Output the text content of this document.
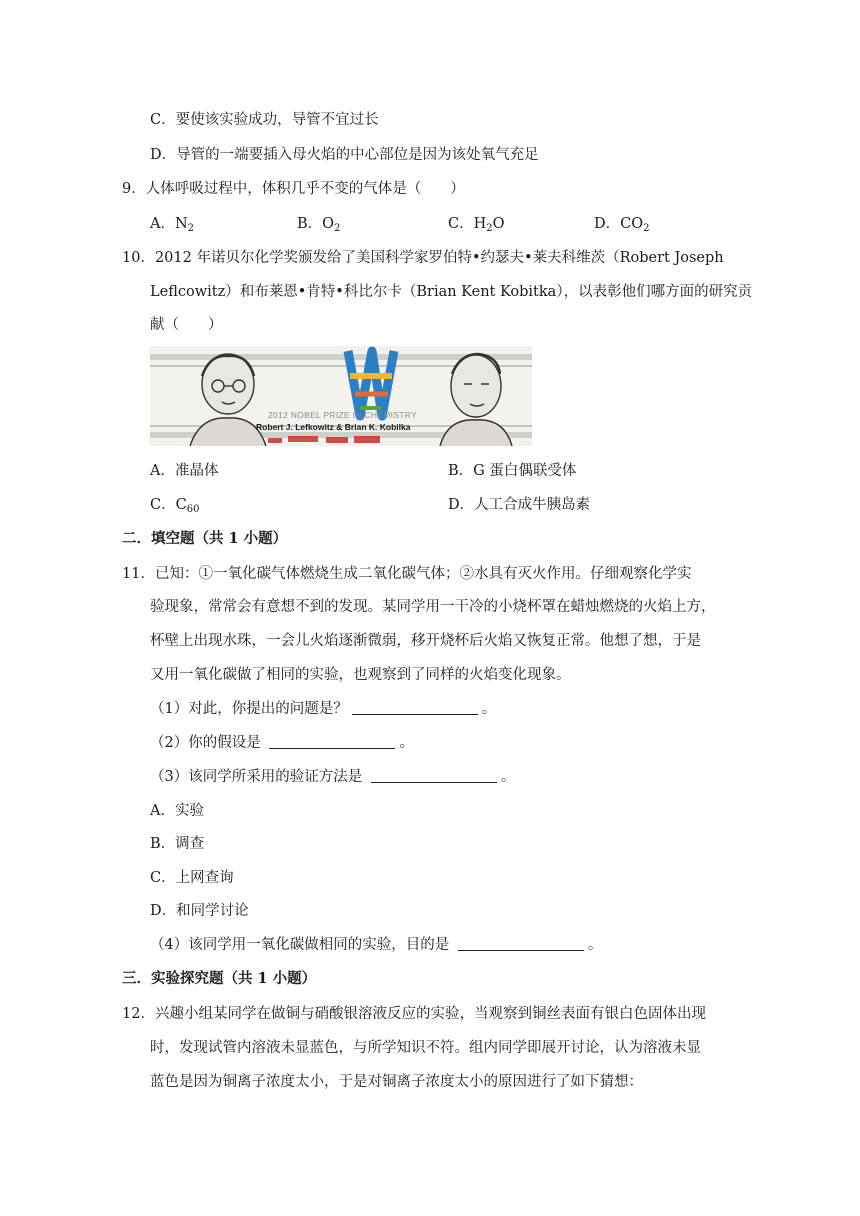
C．要使该实验成功，导管不宜过长
D．导管的一端要插入母火焰的中心部位是因为该处氧气充足
9．人体呼吸过程中，体积几乎不变的气体是（　　）
A．$N_2$	B．$O_2$	C．$H_2O$	D．$CO_2$
10．2012 年诺贝尔化学奖颁发给了美国科学家罗伯特•约瑟夫•莱夫科维茨（Robert Joseph
Leflcowitz）和布莱恩•肯特•科比尔卡（Brian Kent Kobitka），以表彰他们哪方面的研究贡
献（　　）
2012 NOBEL PRIZE IN CHEMISTRY
Robert J. Lefkowitz & Brian K. Kobilka
A．准晶体	B．G 蛋白偶联受体
C．$C_{60}$	D．人工合成牛胰岛素
二．填空题（共 1 小题）
11．已知：①一氧化碳气体燃烧生成二氧化碳气体；②水具有灭火作用。仔细观察化学实
验现象，常常会有意想不到的发现。某同学用一干冷的小烧杯罩在蜡烛燃烧的火焰上方，
杯壁上出现水珠，一会儿火焰逐渐微弱，移开烧杯后火焰又恢复正常。他想了想，于是
又用一氧化碳做了相同的实验，也观察到了同样的火焰变化现象。
（1）对此，你提出的问题是？	。
（2）你的假设是	。
（3）该同学所采用的验证方法是	。
A．实验
B．调查
C．上网查询
D．和同学讨论
（4）该同学用一氧化碳做相同的实验，目的是	。
三．实验探究题（共 1 小题）
12．兴趣小组某同学在做铜与硝酸银溶液反应的实验，当观察到铜丝表面有银白色固体出现
时，发现试管内溶液未显蓝色，与所学知识不符。组内同学即展开讨论，认为溶液未显
蓝色是因为铜离子浓度太小，于是对铜离子浓度太小的原因进行了如下猜想：
